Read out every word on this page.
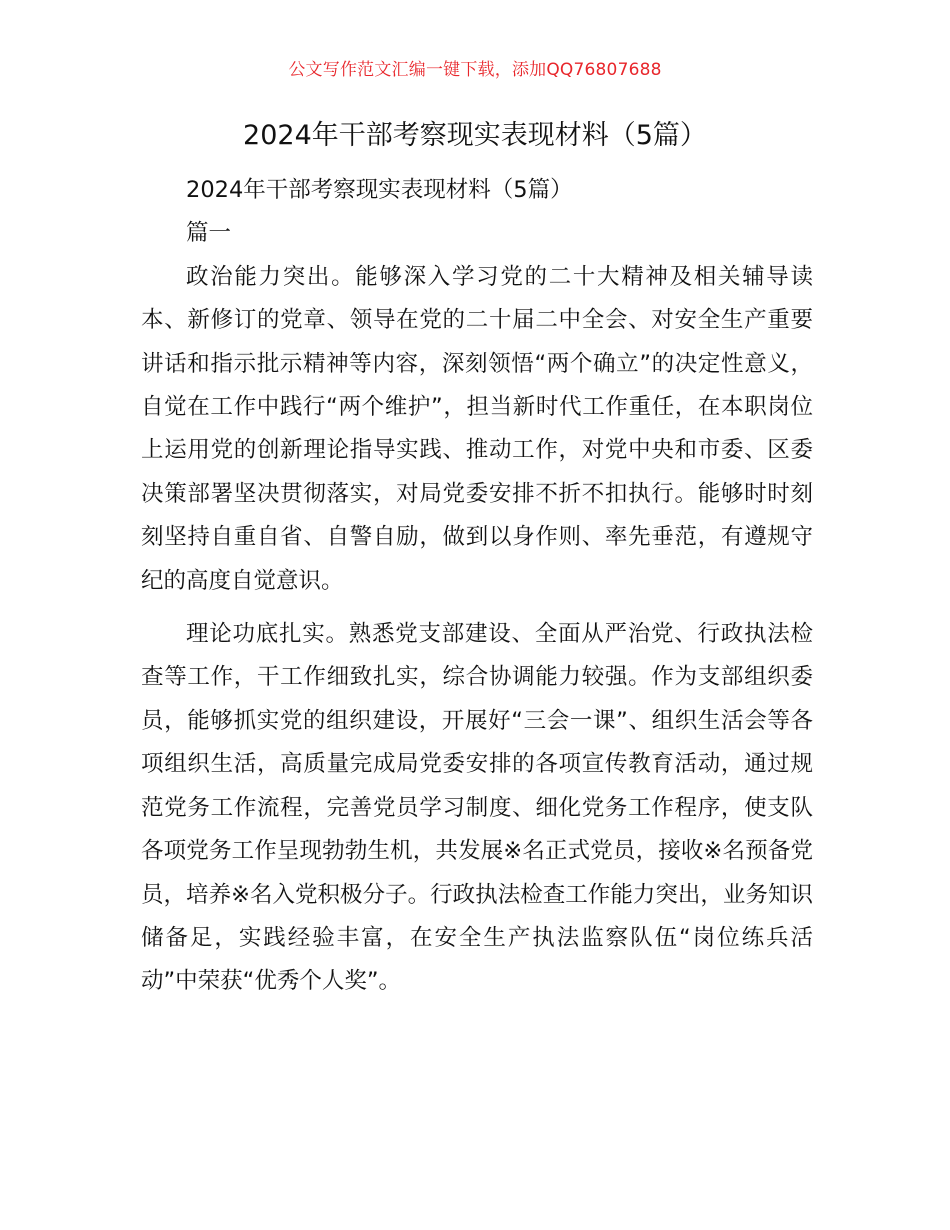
公文写作范文汇编一键下载，添加QQ76807688
2024年干部考察现实表现材料（5篇）

2024年干部考察现实表现材料（5篇）

篇一

政治能力突出。能够深入学习党的二十大精神及相关辅导读本、新修订的党章、领导在党的二十届二中全会、对安全生产重要讲话和指示批示精神等内容，深刻领悟“两个确立”的决定性意义，自觉在工作中践行“两个维护”，担当新时代工作重任，在本职岗位上运用党的创新理论指导实践、推动工作，对党中央和市委、区委决策部署坚决贯彻落实，对局党委安排不折不扣执行。能够时时刻刻坚持自重自省、自警自励，做到以身作则、率先垂范，有遵规守纪的高度自觉意识。

理论功底扎实。熟悉党支部建设、全面从严治党、行政执法检查等工作，干工作细致扎实，综合协调能力较强。作为支部组织委员，能够抓实党的组织建设，开展好“三会一课”、组织生活会等各项组织生活，高质量完成局党委安排的各项宣传教育活动，通过规范党务工作流程，完善党员学习制度、细化党务工作程序，使支队各项党务工作呈现勃勃生机，共发展※名正式党员，接收※名预备党员，培养※名入党积极分子。行政执法检查工作能力突出，业务知识储备足，实践经验丰富，在安全生产执法监察队伍“岗位练兵活动”中荣获“优秀个人奖”。
